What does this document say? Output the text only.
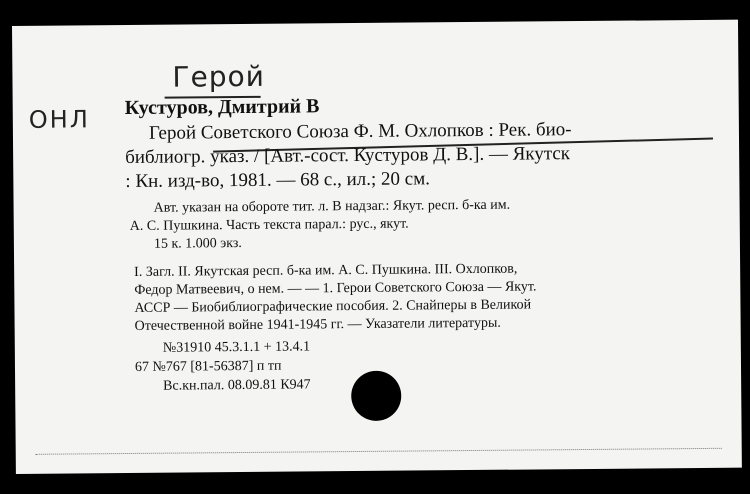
Герой
ОНЛ Кустуров, Дмитрий В
Герой Советского Союза Ф. М. Охлопков : Рек. био-
библиогр. указ. / [Авт.-сост. Кустуров Д. В.]. — Якутск
: Кн. изд-во, 1981. — 68 с., ил.; 20 см.
Авт. указан на обороте тит. л. В надзаг.: Якут. респ. б-ка им.
А. С. Пушкина. Часть текста парал.: рус., якут.
15 к. 1.000 экз.
I. Загл. II. Якутская респ. б-ка им. А. С. Пушкина. III. Охлопков,
Федор Матвеевич, о нем. — — 1. Герои Советского Союза — Якут.
АССР — Биобиблиографические пособия. 2. Снайперы в Великой
Отечественной войне 1941-1945 гг. — Указатели литературы.
№31910 45.3.1.1 + 13.4.1
67 №767 [81-56387] п тп
Вс.кн.пал. 08.09.81 К947
